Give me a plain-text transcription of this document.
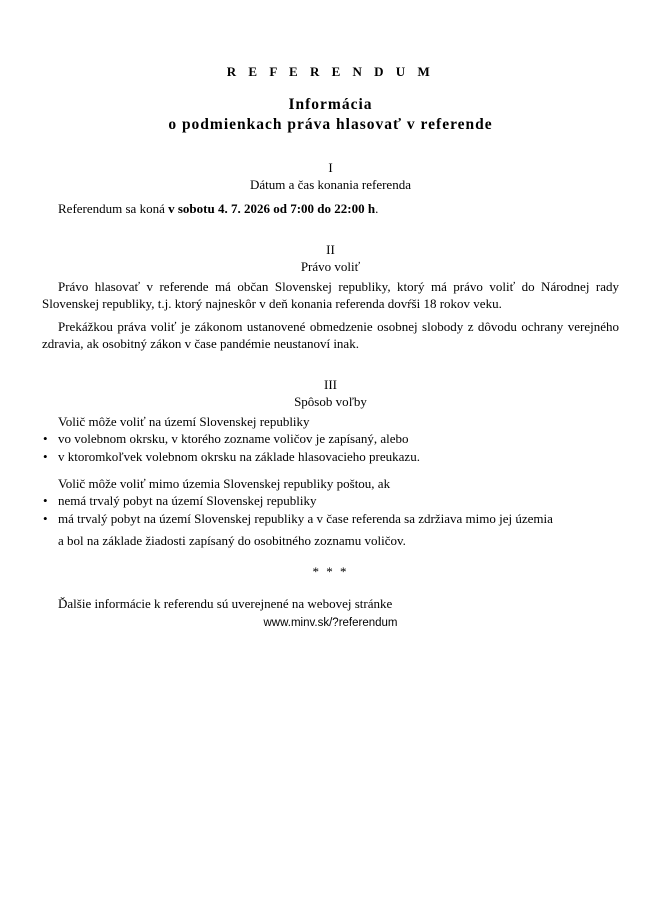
R E F E R E N D U M
Informácia
o podmienkach práva hlasovať v referende
I
Dátum a čas konania referenda

Referendum sa koná v sobotu 4. 7. 2026 od 7:00 do 22:00 h.

II
Právo voliť

Právo hlasovať v referende má občan Slovenskej republiky, ktorý má právo voliť do Národnej rady Slovenskej republiky, t.j. ktorý najneskôr v deň konania referenda dovŕši 18 rokov veku.

Prekážkou práva voliť je zákonom ustanovené obmedzenie osobnej slobody z dôvodu ochrany verejného zdravia, ak osobitný zákon v čase pandémie neustanoví inak.

III
Spôsob voľby

Volič môže voliť na území Slovenskej republiky

• vo volebnom okrsku, v ktorého zozname voličov je zapísaný, alebo
• v ktoromkoľvek volebnom okrsku na základe hlasovacieho preukazu.

Volič môže voliť mimo územia Slovenskej republiky poštou, ak

• nemá trvalý pobyt na území Slovenskej republiky
• má trvalý pobyt na území Slovenskej republiky a v čase referenda sa zdržiava mimo jej územia

a bol na základe žiadosti zapísaný do osobitného zoznamu voličov.

* * *

Ďalšie informácie k referendu sú uverejnené na webovej stránke

www.minv.sk/?referendum
